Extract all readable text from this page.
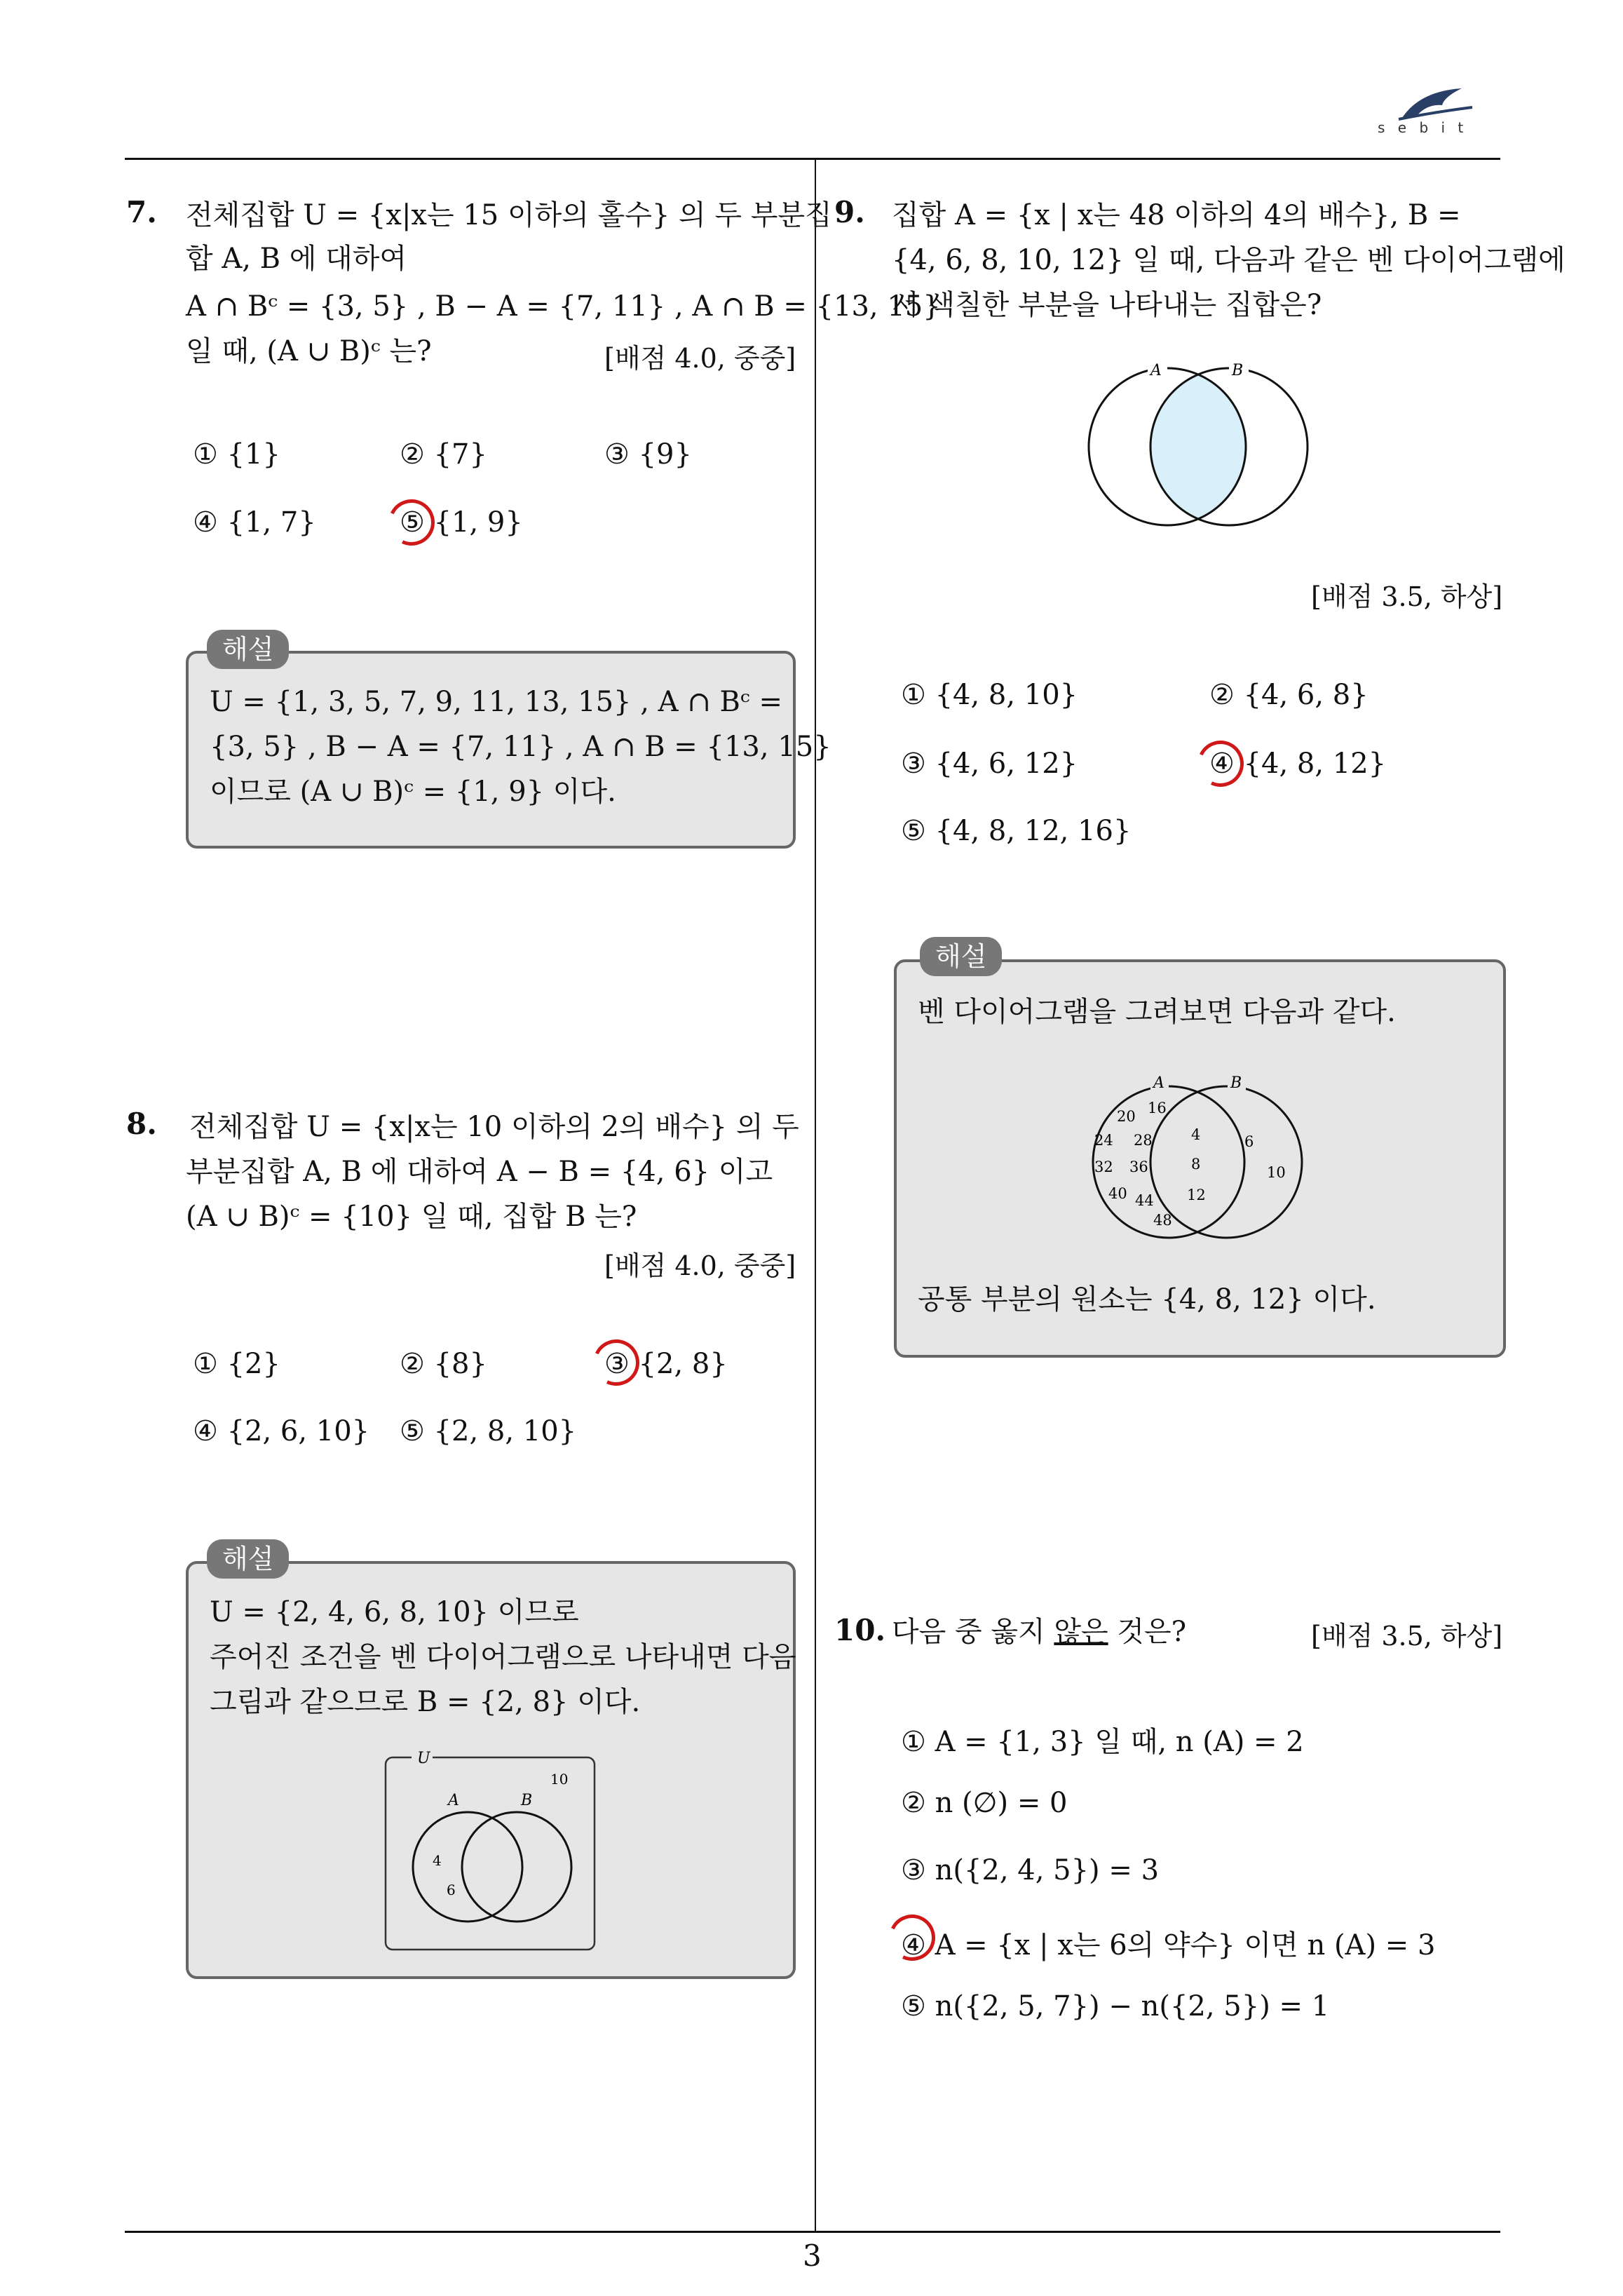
s e b i t
3
7. 전체집합 U = {x|x는 15 이하의 홀수} 의 두 부분집
합 A, B 에 대하여
A ∩ Bᶜ = {3, 5} , B − A = {7, 11} , A ∩ B = {13, 15}
일 때, (A ∪ B)ᶜ 는?	[배점 4.0, 중중]
① {1}	② {7}	③ {9}
④ {1, 7}	⑤ {1, 9}
U = {1, 3, 5, 7, 9, 11, 13, 15} , A ∩ Bᶜ =
{3, 5} , B − A = {7, 11} , A ∩ B = {13, 15}
이므로 (A ∪ B)ᶜ = {1, 9} 이다.
해설
8. 전체집합 U = {x|x는 10 이하의 2의 배수} 의 두
부분집합 A, B 에 대하여 A − B = {4, 6} 이고
(A ∪ B)ᶜ = {10} 일 때, 집합 B 는?
[배점 4.0, 중중]
① {2}	② {8}	③ {2, 8}
④ {2, 6, 10} ⑤ {2, 8, 10}
U = {2, 4, 6, 8, 10} 이므로
주어진 조건을 벤 다이어그램으로 나타내면 다음
그림과 같으므로 B = {2, 8} 이다.
U
A	B
4
6
10
해설
9. 집합 A = {x | x는 48 이하의 4의 배수}, B =
{4, 6, 8, 10, 12} 일 때, 다음과 같은 벤 다이어그램에
서 색칠한 부분을 나타내는 집합은?
A	B
[배점 3.5, 하상]
① {4, 8, 10}	② {4, 6, 8}
③ {4, 6, 12}	④ {4, 8, 12}
⑤ {4, 8, 12, 16}
벤 다이어그램을 그려보면 다음과 같다.
A	B
20 16
24 28
32 36
40 44
48
4
8
12
6
10
공통 부분의 원소는 {4, 8, 12} 이다.
해설
10. 다음 중 옳지 않은 것은?	[배점 3.5, 하상]
① A = {1, 3} 일 때, n (A) = 2
② n (∅) = 0
③ n({2, 4, 5}) = 3
④ A = {x | x는 6의 약수} 이면 n (A) = 3
⑤ n({2, 5, 7}) − n({2, 5}) = 1
